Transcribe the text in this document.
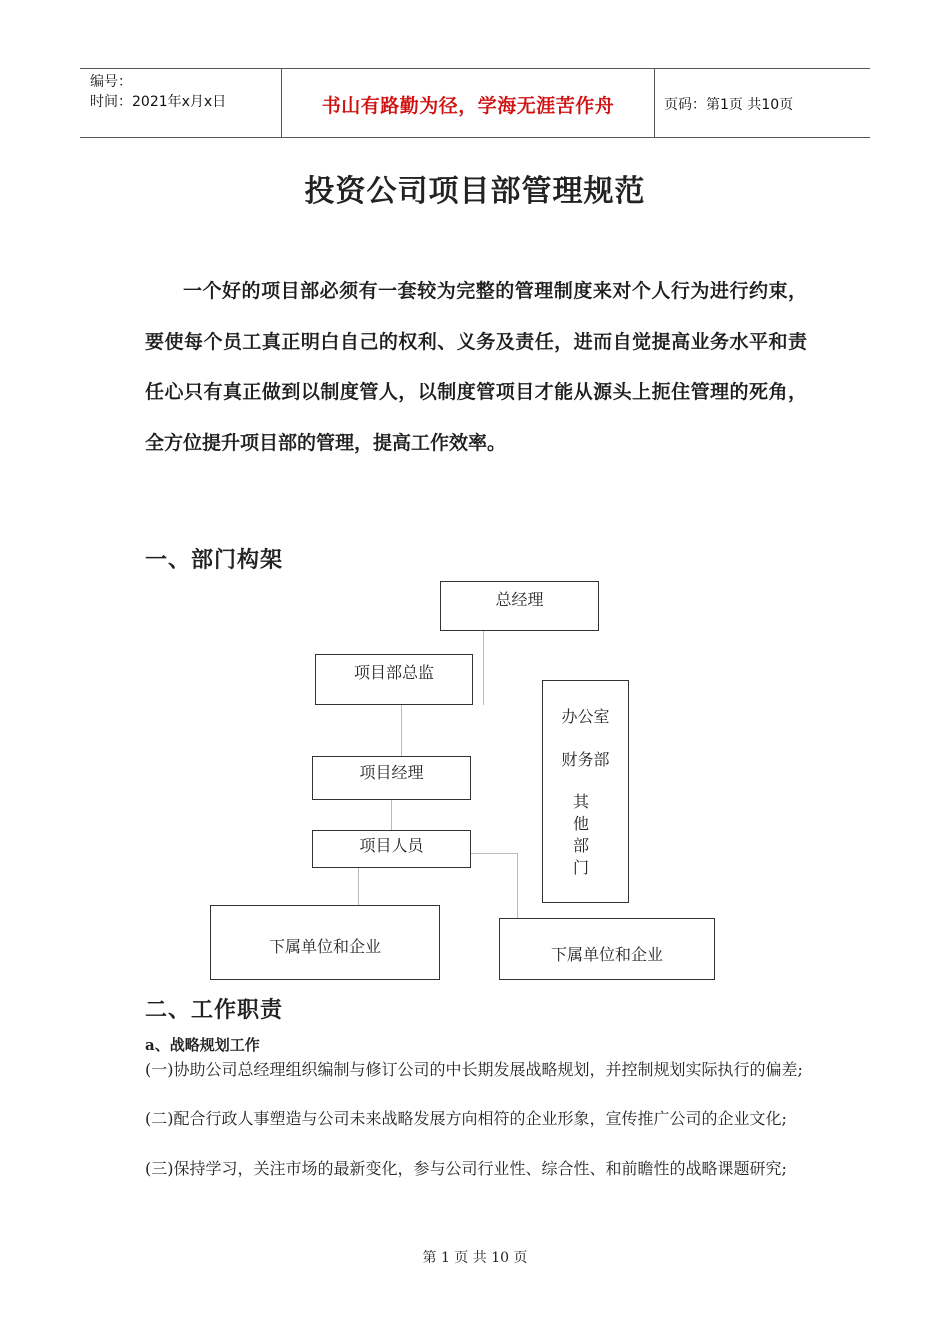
编号：
时间：2021年x月x日	书山有路勤为径，学海无涯苦作舟	页码：第1页 共10页
投资公司项目部管理规范

一个好的项目部必须有一套较为完整的管理制度来对个人行为进行约束，要使每个员工真正明白自己的权利、义务及责任，进而自觉提高业务水平和责任心只有真正做到以制度管人，以制度管项目才能从源头上扼住管理的死角，全方位提升项目部的管理，提高工作效率。

一、部门构架
总经理
项目部总监
项目经理
项目人员
下属单位和企业	下属单位和企业
办公室
财务部
其他部门
二、工作职责
a、战略规划工作

(一)协助公司总经理组织编制与修订公司的中长期发展战略规划，并控制规划实际执行的偏差;

(二)配合行政人事塑造与公司未来战略发展方向相符的企业形象，宣传推广公司的企业文化;

(三)保持学习，关注市场的最新变化，参与公司行业性、综合性、和前瞻性的战略课题研究;

第 1 页 共 10 页
